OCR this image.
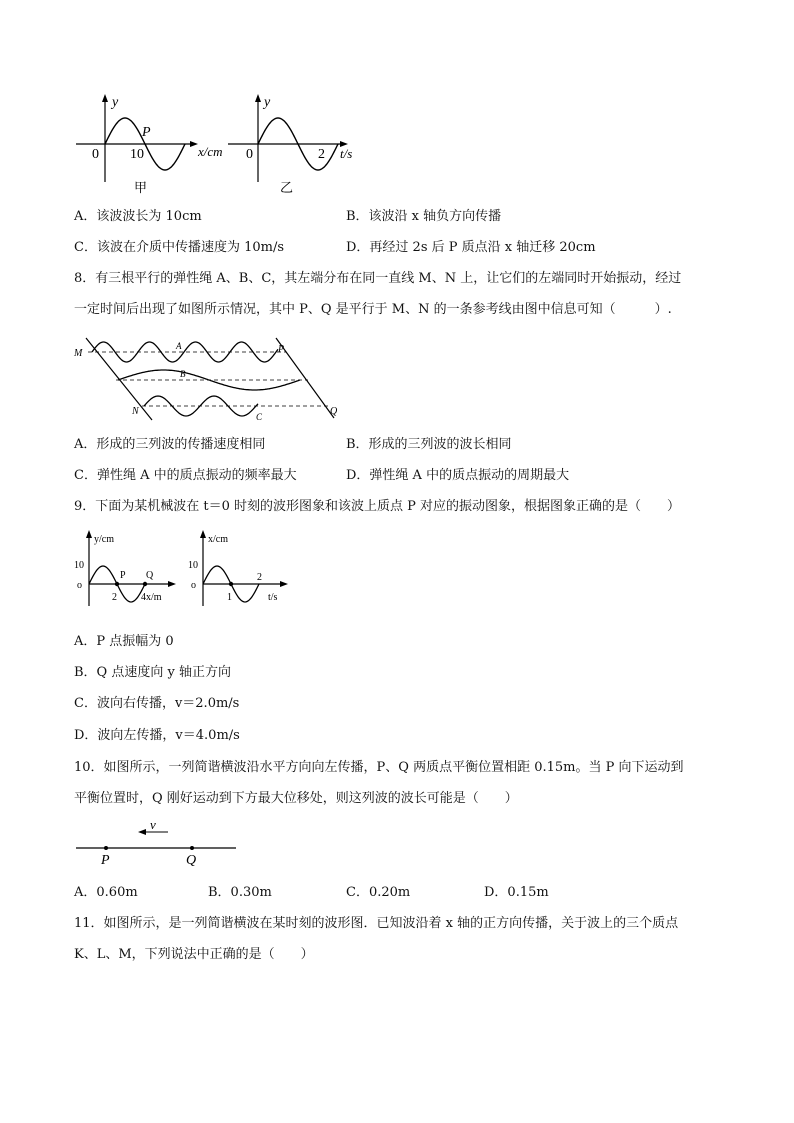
y
x/cm
0 10
P
甲
y
t/s
0	2
乙
A．该波波长为 10cm	B．该波沿 x 轴负方向传播
C．该波在介质中传播速度为 10m/s	D．再经过 2s 后 P 质点沿 x 轴迁移 20cm
8．有三根平行的弹性绳 A、B、C，其左端分布在同一直线 M、N 上，让它们的左端同时开始振动，经过
一定时间后出现了如图所示情况，其中 P、Q 是平行于 M、N 的一条参考线由图中信息可知（　　　）.
M
N
P
Q
A
B
C
A．形成的三列波的传播速度相同	B．形成的三列波的波长相同
C．弹性绳 A 中的质点振动的频率最大	D．弹性绳 A 中的质点振动的周期最大
9．下面为某机械波在 t＝0 时刻的波形图象和该波上质点 P 对应的振动图象，根据图象正确的是（　　）
y/cm
x/m
10
o
2 4
P Q
x/cm
t/s
10
o
1
2
A．P 点振幅为 0
B．Q 点速度向 y 轴正方向
C．波向右传播，v＝2.0m/s
D．波向左传播，v＝4.0m/s
10．如图所示，一列简谐横波沿水平方向向左传播，P、Q 两质点平衡位置相距 0.15m。当 P 向下运动到
平衡位置时，Q 刚好运动到下方最大位移处，则这列波的波长可能是（　　）
v
P	Q
A．0.60m	B．0.30m	C．0.20m	D．0.15m
11．如图所示，是一列简谐横波在某时刻的波形图．已知波沿着 x 轴的正方向传播，关于波上的三个质点
K、L、M，下列说法中正确的是（　　）
